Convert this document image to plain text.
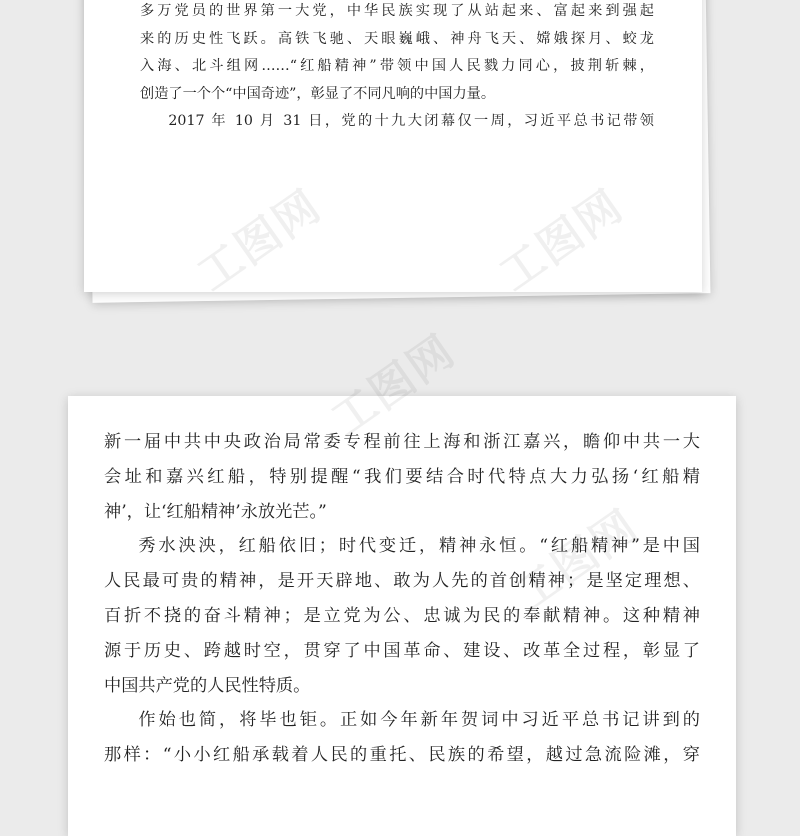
多万党员的世界第一大党，中华民族实现了从站起来、富起来到强起
来的历史性飞跃。高铁飞驰、天眼巍峨、神舟飞天、嫦娥探月、蛟龙
入海、北斗组网……“红船精神”带领中国人民戮力同心，披荆斩棘，
创造了一个个“中国奇迹”，彰显了不同凡响的中国力量。
2017 年 10 月 31 日，党的十九大闭幕仅一周，习近平总书记带领
新一届中共中央政治局常委专程前往上海和浙江嘉兴，瞻仰中共一大
会址和嘉兴红船，特别提醒“我们要结合时代特点大力弘扬‘红船精
神’，让‘红船精神’永放光芒。”
秀水泱泱，红船依旧；时代变迁，精神永恒。“红船精神”是中国
人民最可贵的精神，是开天辟地、敢为人先的首创精神；是坚定理想、
百折不挠的奋斗精神；是立党为公、忠诚为民的奉献精神。这种精神
源于历史、跨越时空，贯穿了中国革命、建设、改革全过程，彰显了
中国共产党的人民性特质。
作始也简，将毕也钜。正如今年新年贺词中习近平总书记讲到的
那样：“小小红船承载着人民的重托、民族的希望，越过急流险滩，穿
工图网
